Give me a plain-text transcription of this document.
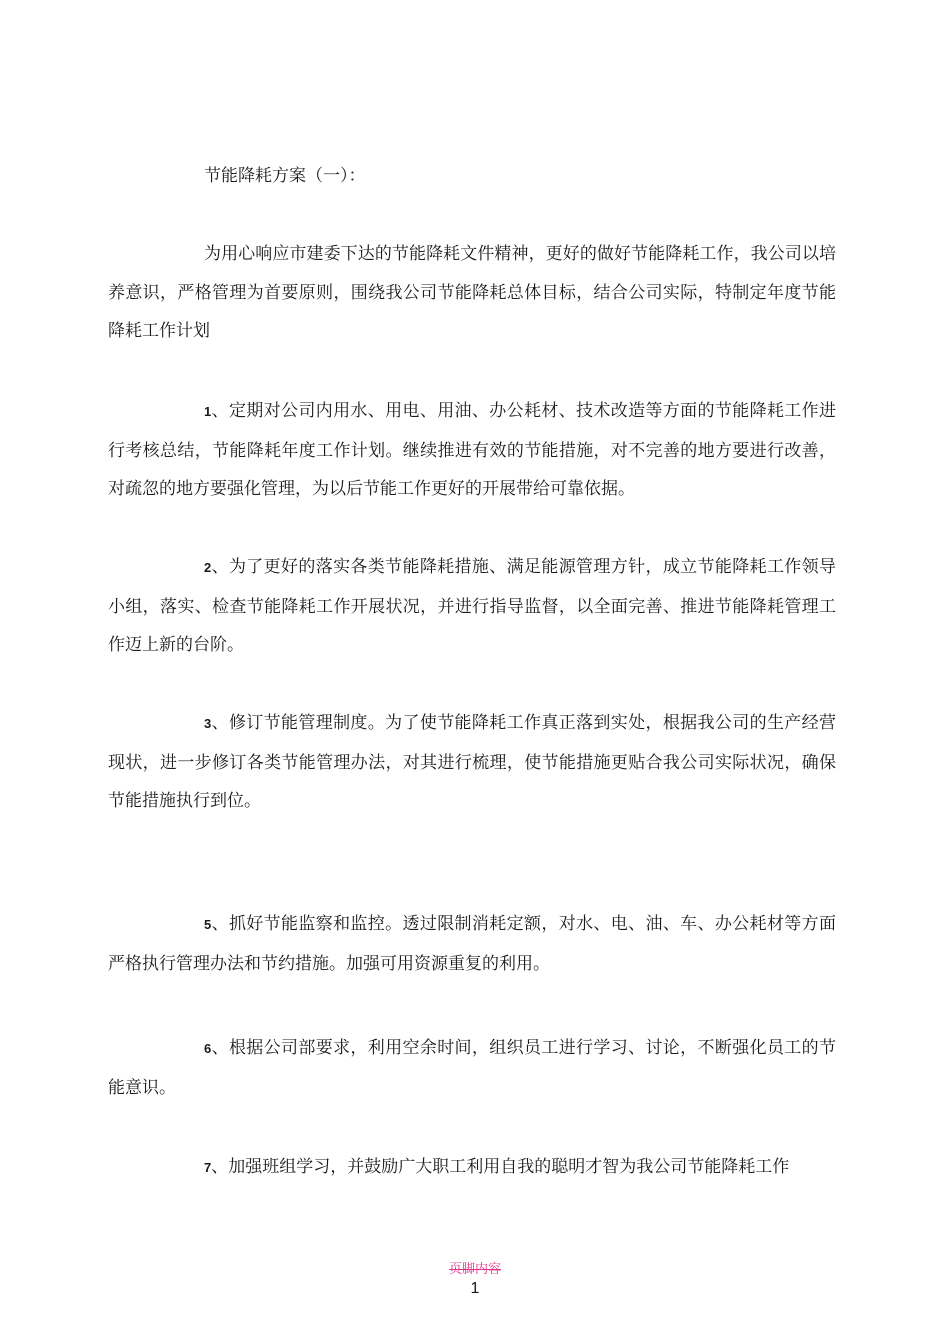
节能降耗方案（一）：

为用心响应市建委下达的节能降耗文件精神，更好的做好节能降耗工作，我公司以培养意识，严格管理为首要原则，围绕我公司节能降耗总体目标，结合公司实际，特制定年度节能降耗工作计划

1、定期对公司内用水、用电、用油、办公耗材、技术改造等方面的节能降耗工作进行考核总结，节能降耗年度工作计划。继续推进有效的节能措施，对不完善的地方要进行改善，对疏忽的地方要强化管理，为以后节能工作更好的开展带给可靠依据。

2、为了更好的落实各类节能降耗措施、满足能源管理方针，成立节能降耗工作领导小组，落实、检查节能降耗工作开展状况，并进行指导监督，以全面完善、推进节能降耗管理工作迈上新的台阶。

3、修订节能管理制度。为了使节能降耗工作真正落到实处，根据我公司的生产经营现状，进一步修订各类节能管理办法，对其进行梳理，使节能措施更贴合我公司实际状况，确保节能措施执行到位。

5、抓好节能监察和监控。透过限制消耗定额，对水、电、油、车、办公耗材等方面严格执行管理办法和节约措施。加强可用资源重复的利用。

6、根据公司部要求，利用空余时间，组织员工进行学习、讨论，不断强化员工的节能意识。

7、加强班组学习，并鼓励广大职工利用自我的聪明才智为我公司节能降耗工作

页脚内容
1
